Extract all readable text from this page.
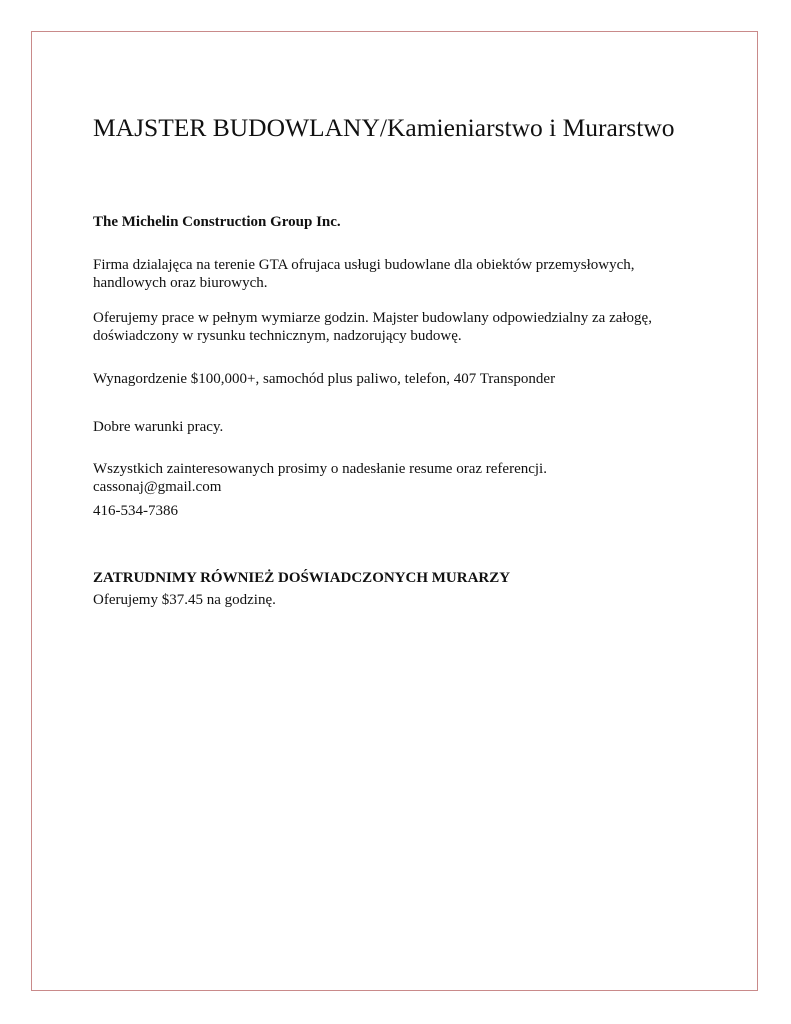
MAJSTER BUDOWLANY/Kamieniarstwo i Murarstwo
The Michelin Construction Group Inc.
Firma dzialajęca na terenie GTA ofrujaca usługi budowlane dla obiektów przemysłowych,
handlowych oraz biurowych.
Oferujemy prace w pełnym wymiarze godzin. Majster budowlany odpowiedzialny za załogę,
doświadczony w rysunku technicznym, nadzorujący budowę.
Wynagordzenie $100,000+, samochód plus paliwo, telefon, 407 Transponder
Dobre warunki pracy.
Wszystkich zainteresowanych prosimy o nadesłanie resume oraz referencji.
cassonaj@gmail.com
416-534-7386
ZATRUDNIMY RÓWNIEŻ DOŚWIADCZONYCH MURARZY
Oferujemy $37.45 na godzinę.
